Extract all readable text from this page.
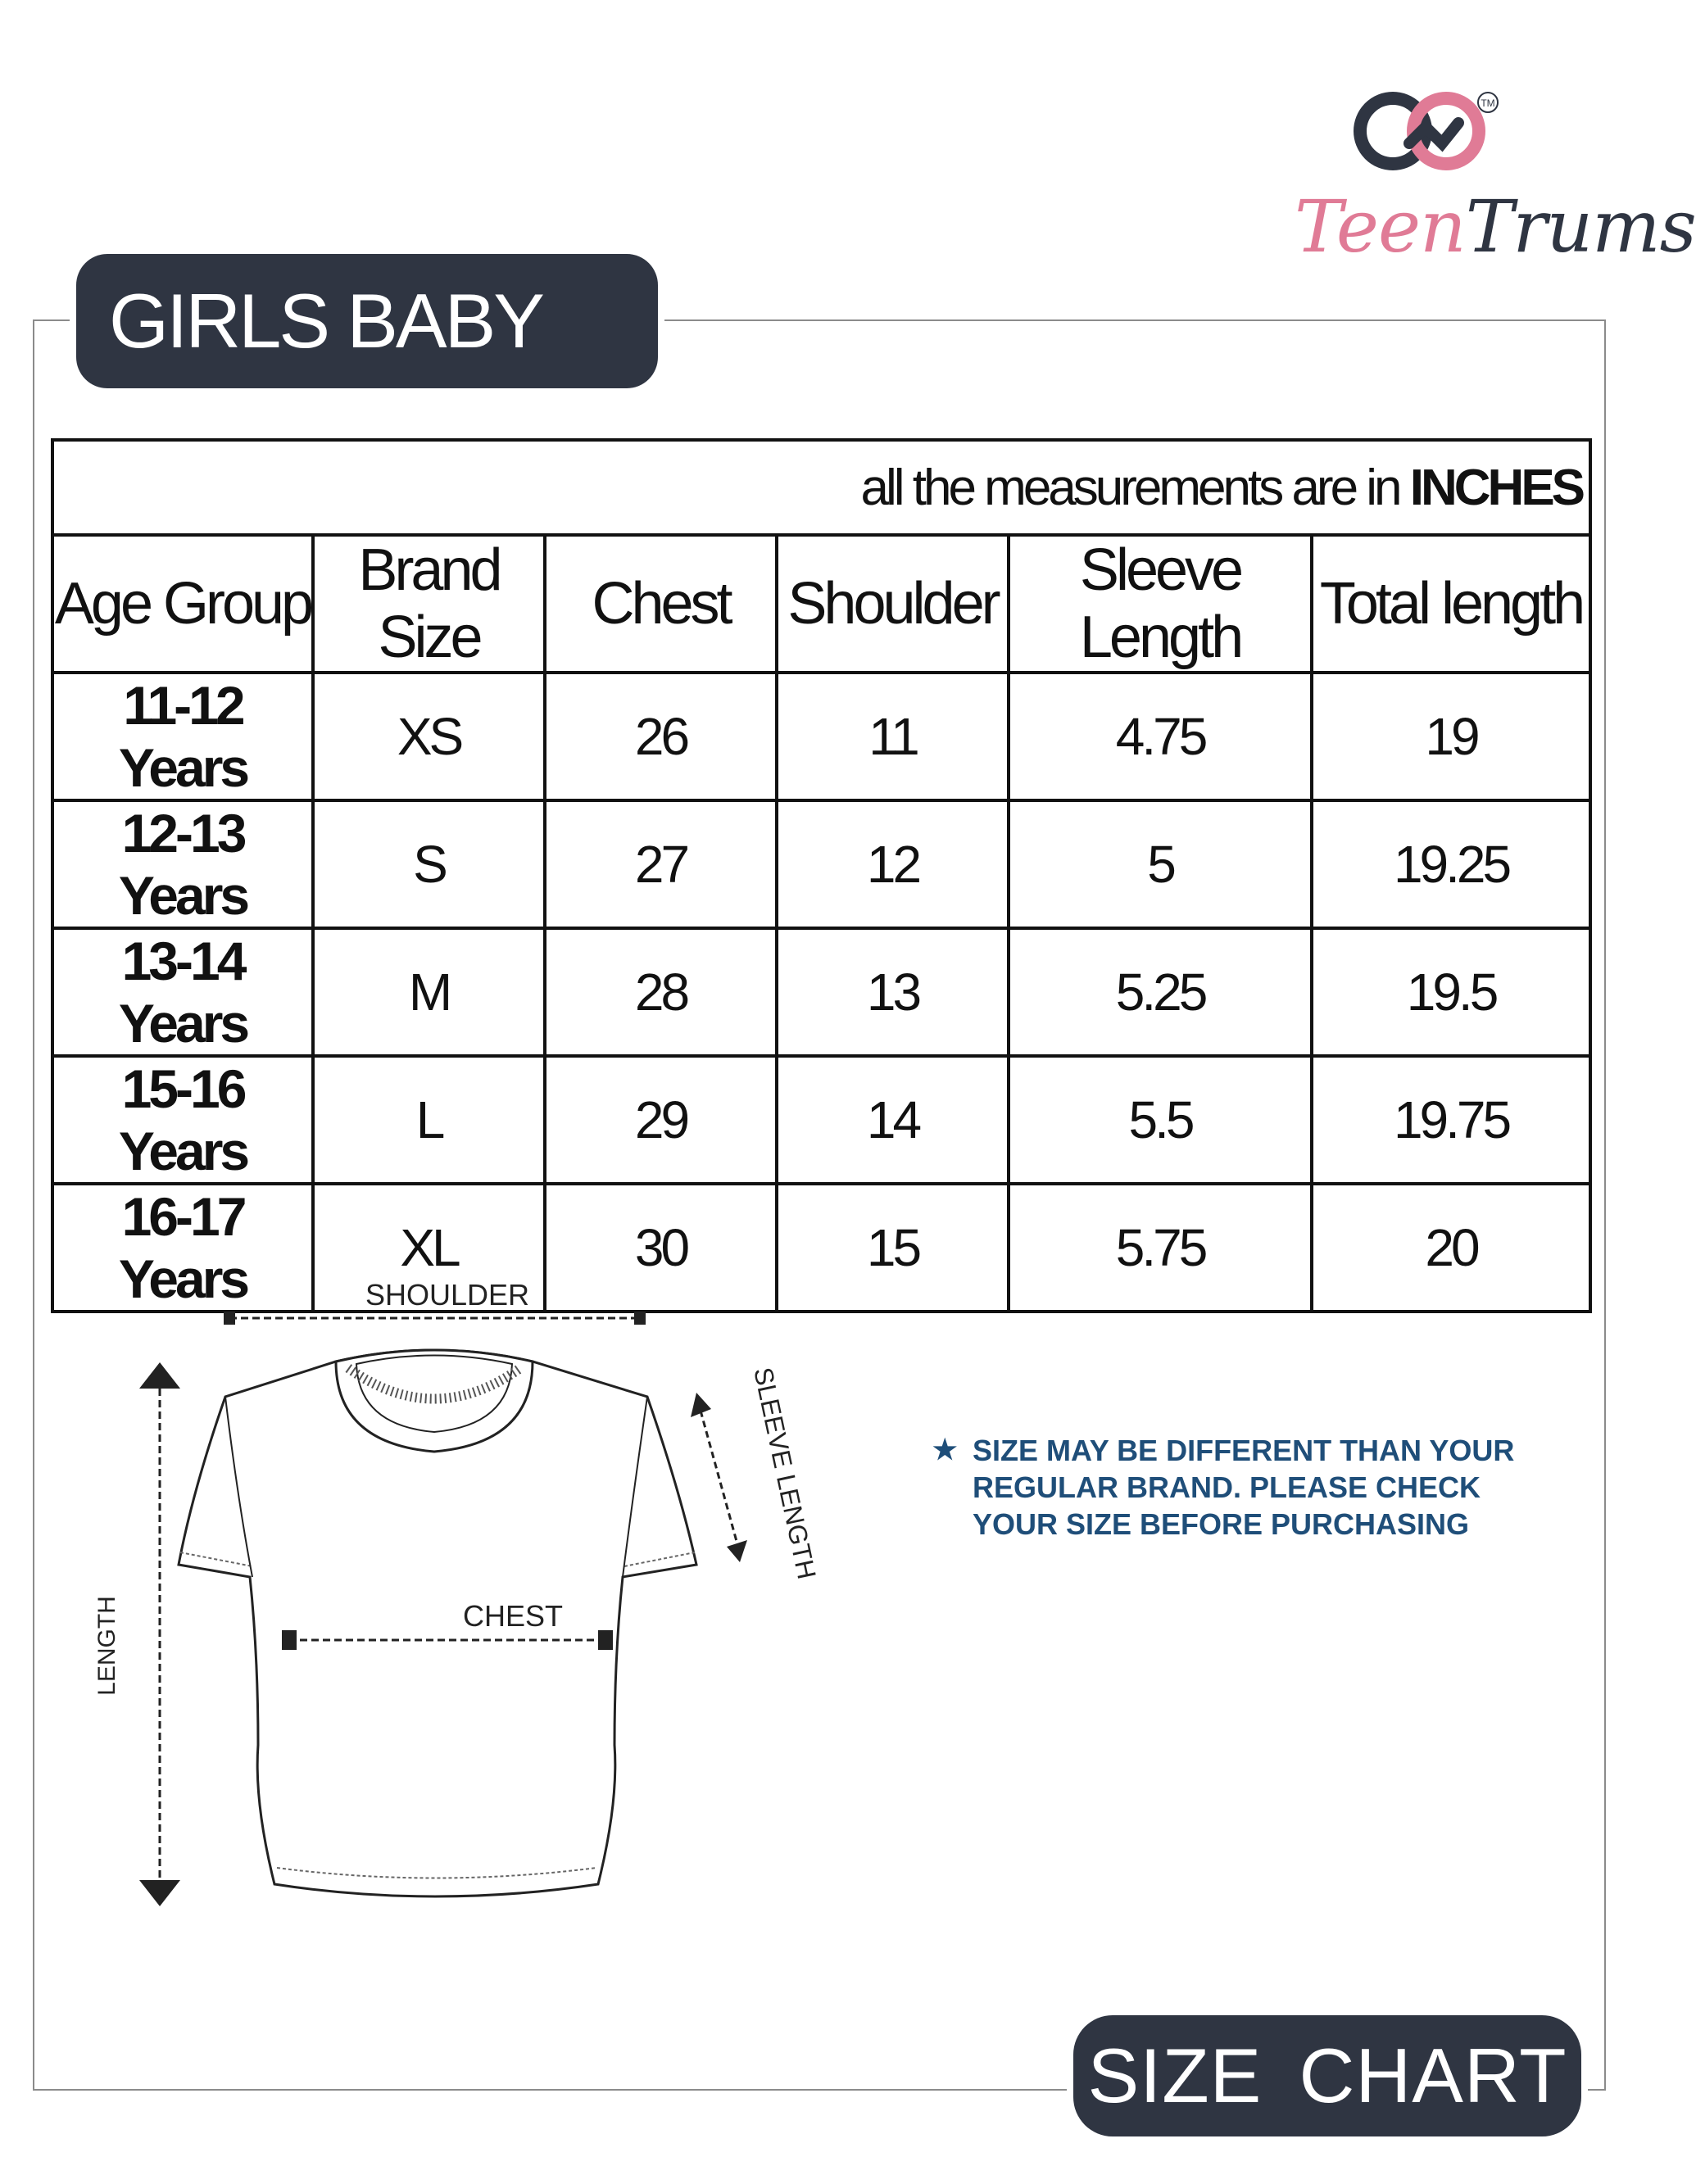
TM
TeenTrums
GIRLS BABY TEE	all the measurements are in INCHES					
Age Group	Brand Size	Chest	Shoulder	Sleeve Length	Total length
11-12 Years	XS	26	11	4.75	19
12-13 Years	S	27	12	5	19.25
13-14 Years	M	28	13	5.25	19.5
15-16 Years	L	29	14	5.5	19.75
16-17 Years	XL	30	15	5.75	20
SHOULDER
CHEST
LENGTH
SLEEVE LENGTH	★ SIZE MAY BE DIFFERENT THAN YOUR
REGULAR BRAND. PLEASE CHECK
YOUR SIZE BEFORE PURCHASING
SIZE CHART
